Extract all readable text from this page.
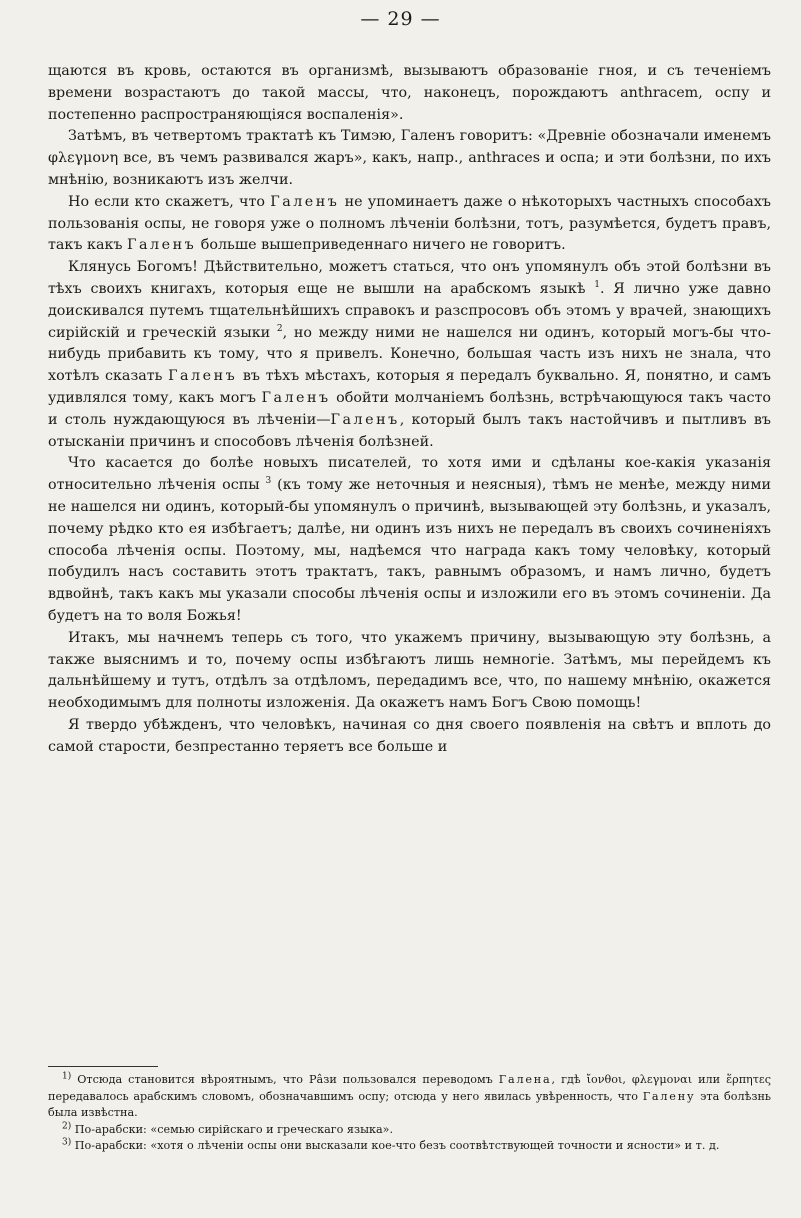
— 29 —

щаются въ кровь, остаются въ организмѣ, вызываютъ образованіе гноя, и съ теченіемъ времени возрастаютъ до такой массы, что, наконецъ, порождаютъ anthracem, оспу и постепенно распространяющіяся воспаленія».

Затѣмъ, въ четвертомъ трактатѣ къ Тимэю, Галенъ говоритъ: «Древніе обозначали именемъ φλεγμονη все, въ чемъ развивался жаръ», какъ, напр., anthraces и оспа; и эти болѣзни, по ихъ мнѣнію, возникаютъ изъ желчи.

Но если кто скажетъ, что Галенъ не упоминаетъ даже о нѣкоторыхъ частныхъ способахъ пользованія оспы, не говоря уже о полномъ лѣченіи болѣзни, тотъ, разумѣется, будетъ правъ, такъ какъ Галенъ больше вышеприведеннаго ничего не говоритъ.

Клянусь Богомъ! Дѣйствительно, можетъ статься, что онъ упомянулъ объ этой болѣзни въ тѣхъ своихъ книгахъ, которыя еще не вышли на арабскомъ языкѣ $^1$. Я лично уже давно доискивался путемъ тщательнѣйшихъ справокъ и разспросовъ объ этомъ у врачей, знающихъ сирійскій и греческій языки $^2$, но между ними не нашелся ни одинъ, который могъ-бы что-нибудь прибавить къ тому, что я привелъ. Конечно, большая часть изъ нихъ не знала, что хотѣлъ сказать Галенъ въ тѣхъ мѣстахъ, которыя я передалъ буквально. Я, понятно, и самъ удивлялся тому, какъ могъ Галенъ обойти молчаніемъ болѣзнь, встрѣчающуюся такъ часто и столь нуждающуюся въ лѣченіи—Галенъ, который былъ такъ настойчивъ и пытливъ въ отысканіи причинъ и способовъ лѣченія болѣзней.

Что касается до болѣе новыхъ писателей, то хотя ими и сдѣланы кое-какія указанія относительно лѣченія оспы $^3$ (къ тому же неточныя и неясныя), тѣмъ не менѣе, между ними не нашелся ни одинъ, который-бы упомянулъ о причинѣ, вызывающей эту болѣзнь, и указалъ, почему рѣдко кто ея избѣгаетъ; далѣе, ни одинъ изъ нихъ не передалъ въ своихъ сочиненіяхъ способа лѣченія оспы. Поэтому, мы, надѣемся что награда какъ тому человѣку, который побудилъ насъ составить этотъ трактатъ, такъ, равнымъ образомъ, и намъ лично, будетъ вдвойнѣ, такъ какъ мы указали способы лѣченія оспы и изложили его въ этомъ сочиненіи. Да будетъ на то воля Божья!

Итакъ, мы начнемъ теперь съ того, что укажемъ причину, вызывающую эту болѣзнь, а также выяснимъ и то, почему оспы избѣгаютъ лишь немногіе. Затѣмъ, мы перейдемъ къ дальнѣйшему и тутъ, отдѣлъ за отдѣломъ, передадимъ все, что, по нашему мнѣнію, окажется необходимымъ для полноты изложенія. Да окажетъ намъ Богъ Свою помощь!

Я твердо убѣжденъ, что человѣкъ, начиная со дня своего появленія на свѣтъ и вплоть до самой старости, безпрестанно теряетъ все больше и

$^{1)}$ Отсюда становится вѣроятнымъ, что Рâзи пользовался переводомъ Галена, гдѣ ἴονθοι, φλεγμοναι или ἕρπητες передавалось арабскимъ словомъ, обозначавшимъ оспу; отсюда у него явилась увѣренность, что Галену эта болѣзнь была извѣстна.

$^{2)}$ По-арабски: «семью сирійскаго и греческаго языка».

$^{3)}$ По-арабски: «хотя о лѣченіи оспы они высказали кое-что безъ соотвѣтствующей точности и ясности» и т. д.
